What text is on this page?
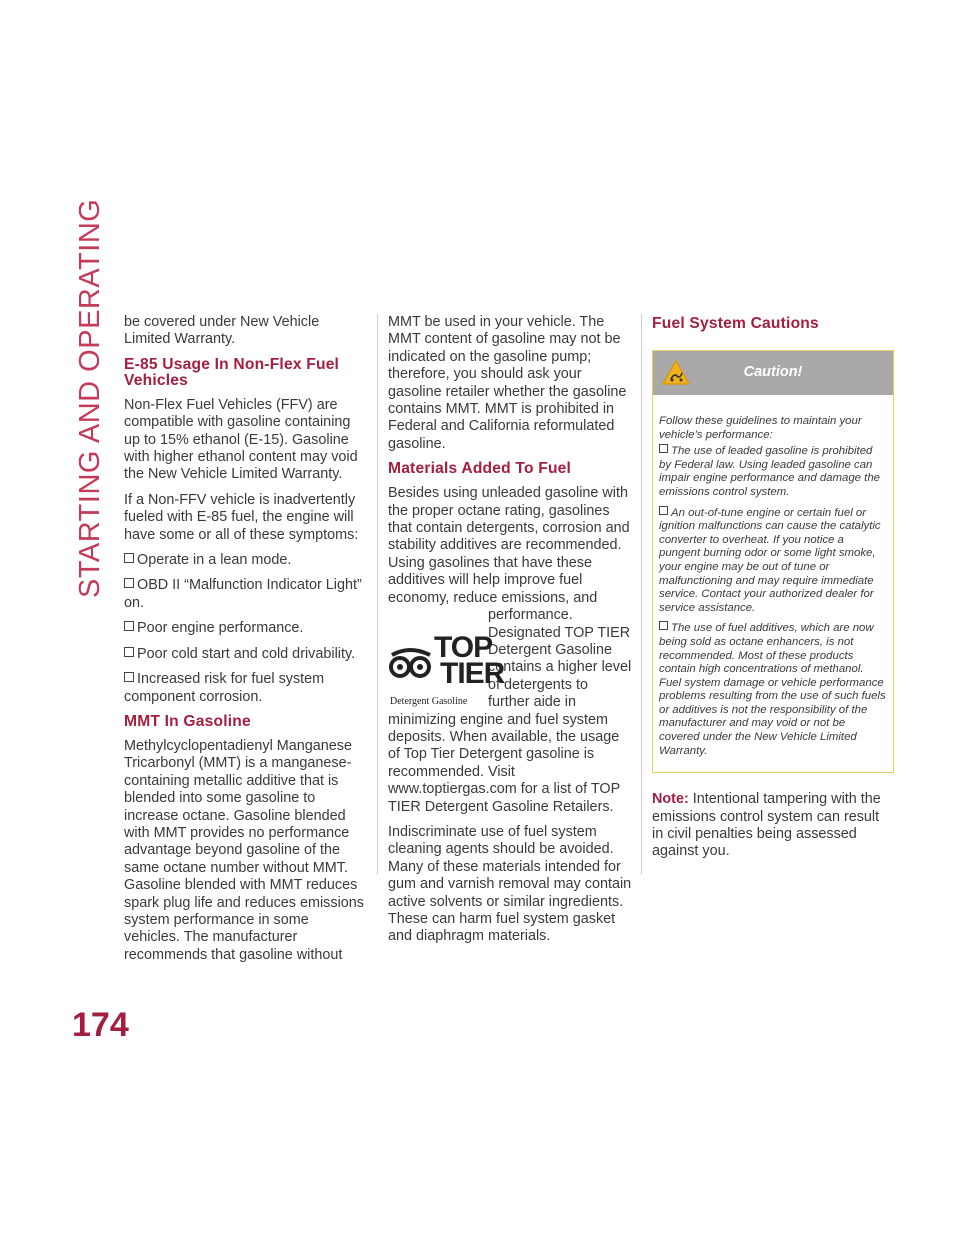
STARTING AND OPERATING
174

be covered under New Vehicle Limited Warranty.

E-85 Usage In Non-Flex Fuel Vehicles

Non-Flex Fuel Vehicles (FFV) are compatible with gasoline containing up to 15% ethanol (E-15). Gasoline with higher ethanol content may void the New Vehicle Limited Warranty.

If a Non-FFV vehicle is inadvertently fueled with E-85 fuel, the engine will have some or all of these symptoms:

Operate in a lean mode.
OBD II “Malfunction Indicator Light” on.
Poor engine performance.
Poor cold start and cold drivability.
Increased risk for fuel system component corrosion.
MMT In Gasoline

Methylcyclopentadienyl Manganese Tricarbonyl (MMT) is a manganese-containing metallic additive that is blended into some gasoline to increase octane. Gasoline blended with MMT provides no performance advantage beyond gasoline of the same octane number without MMT. Gasoline blended with MMT reduces spark plug life and reduces emissions system performance in some vehicles. The manufacturer recommends that gasoline without

MMT be used in your vehicle. The MMT content of gasoline may not be indicated on the gasoline pump; therefore, you should ask your gasoline retailer whether the gasoline contains MMT. MMT is prohibited in Federal and California reformulated gasoline.

Materials Added To Fuel

Besides using unleaded gasoline with the proper octane rating, gasolines that contain detergents, corrosion and stability additives are recommended. Using gasolines that have these additives will help improve fuel economy, reduce emissions, and

performance.
TOP
TIER
Detergent Gasoline

Designated TOP TIER Detergent Gasoline contains a higher level of detergents to further aide in minimizing engine and fuel system deposits. When available, the usage of Top Tier Detergent gasoline is recommended. Visit www.toptiergas.com for a list of TOP TIER Detergent Gasoline Retailers.

Indiscriminate use of fuel system cleaning agents should be avoided. Many of these materials intended for gum and varnish removal may contain active solvents or similar ingredients. These can harm fuel system gasket and diaphragm materials.

Fuel System Cautions
Caution!

Follow these guidelines to maintain your vehicle’s performance:

The use of leaded gasoline is prohibited by Federal law. Using leaded gasoline can impair engine performance and damage the emissions control system.

An out-of-tune engine or certain fuel or ignition malfunctions can cause the catalytic converter to overheat. If you notice a pungent burning odor or some light smoke, your engine may be out of tune or malfunctioning and may require immediate service. Contact your authorized dealer for service assistance.

The use of fuel additives, which are now being sold as octane enhancers, is not recommended. Most of these products contain high concentrations of methanol. Fuel system damage or vehicle performance problems resulting from the use of such fuels or additives is not the responsibility of the manufacturer and may void or not be covered under the New Vehicle Limited Warranty.

Note: Intentional tampering with the emissions control system can result in civil penalties being assessed against you.
